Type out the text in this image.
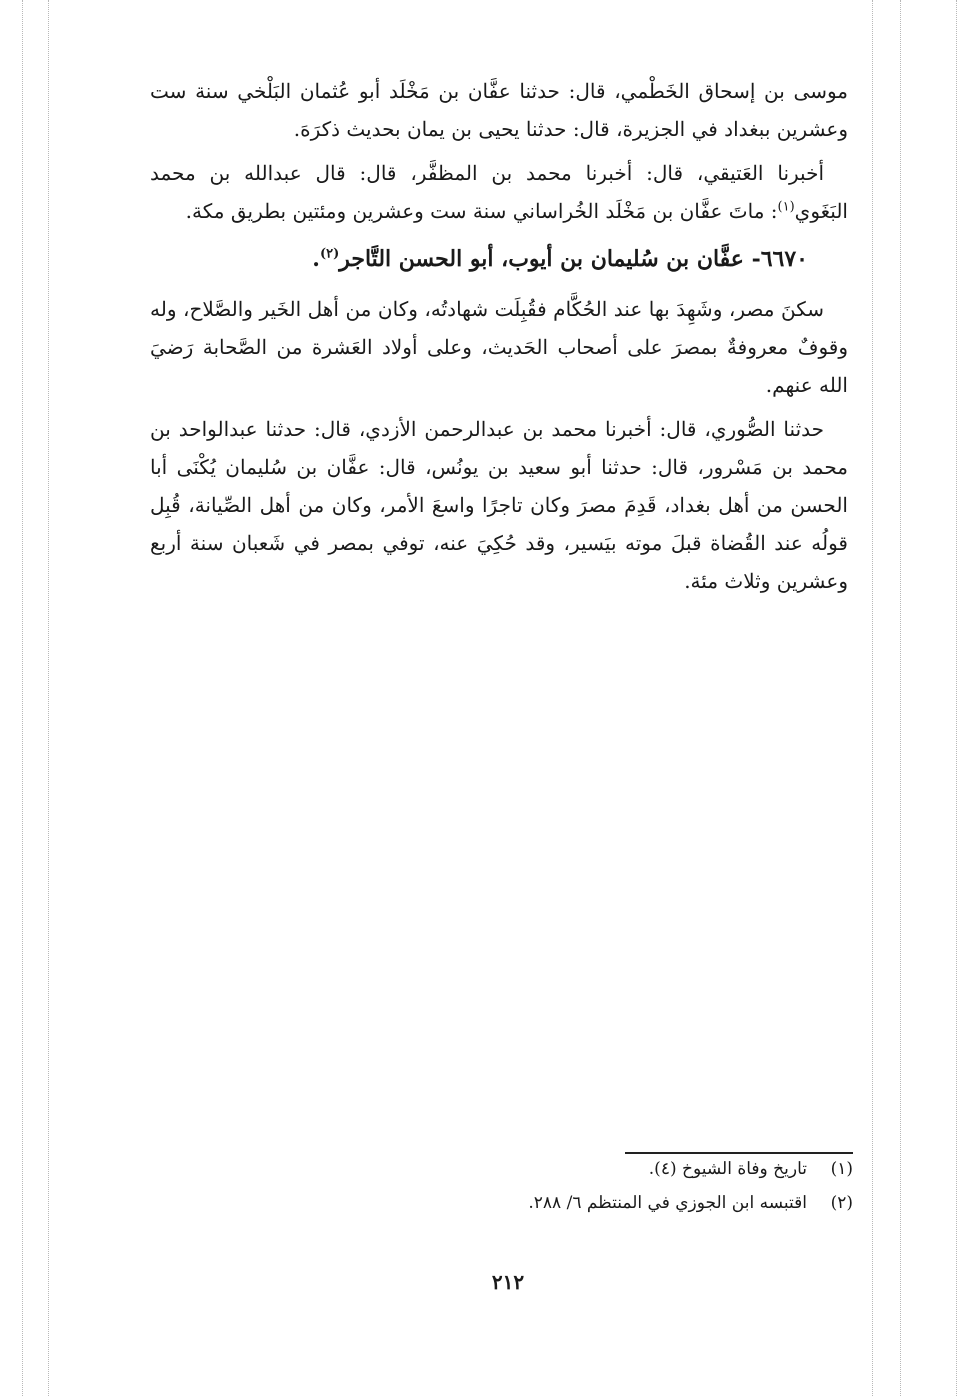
موسى بن إسحاق الخَطْمي، قال: حدثنا عفَّان بن مَخْلَد أبو عُثمان البَلْخي سنة ست وعشرين ببغداد في الجزيرة، قال: حدثنا يحيى بن يمان بحديث ذكرَهَ.

أخبرنا العَتيقي، قال: أخبرنا محمد بن المظفَّر، قال: قال عبدالله بن محمد البَغَوي$^{(١)}$: ماتَ عفَّان بن مَخْلَد الخُراساني سنة ست وعشرين ومئتين بطريق مكة.

٦٦٧٠- عفَّان بن سُليمان بن أيوب، أبو الحسن التَّاجر$^{(٢)}$.

سكنَ مصر، وشَهِدَ بها عند الحُكَّام فقُبِلَت شهادتُه، وكان من أهل الخَير والصَّلاح، وله وقوفٌ معروفةٌ بمصرَ على أصحاب الحَديث، وعلى أولاد العَشرة من الصَّحابة رَضيَ الله عنهم.

حدثنا الصُّوري، قال: أخبرنا محمد بن عبدالرحمن الأزدي، قال: حدثنا عبدالواحد بن محمد بن مَسْرور، قال: حدثنا أبو سعيد بن يونُس، قال: عفَّان بن سُليمان يُكْنَى أبا الحسن من أهل بغداد، قَدِمَ مصرَ وكان تاجرًا واسعَ الأمر، وكان من أهل الصِّيانة، قُبِل قولُه عند القُضاة قبلَ موته بيَسير، وقد حُكِيَ عنه، توفي بمصر في شَعبان سنة أربع وعشرين وثلاث مئة.

(١)
تاريخ وفاة الشيوخ (٤).
(٢)
اقتبسه ابن الجوزي في المنتظم ٦/ ٢٨٨.
٢١٢
